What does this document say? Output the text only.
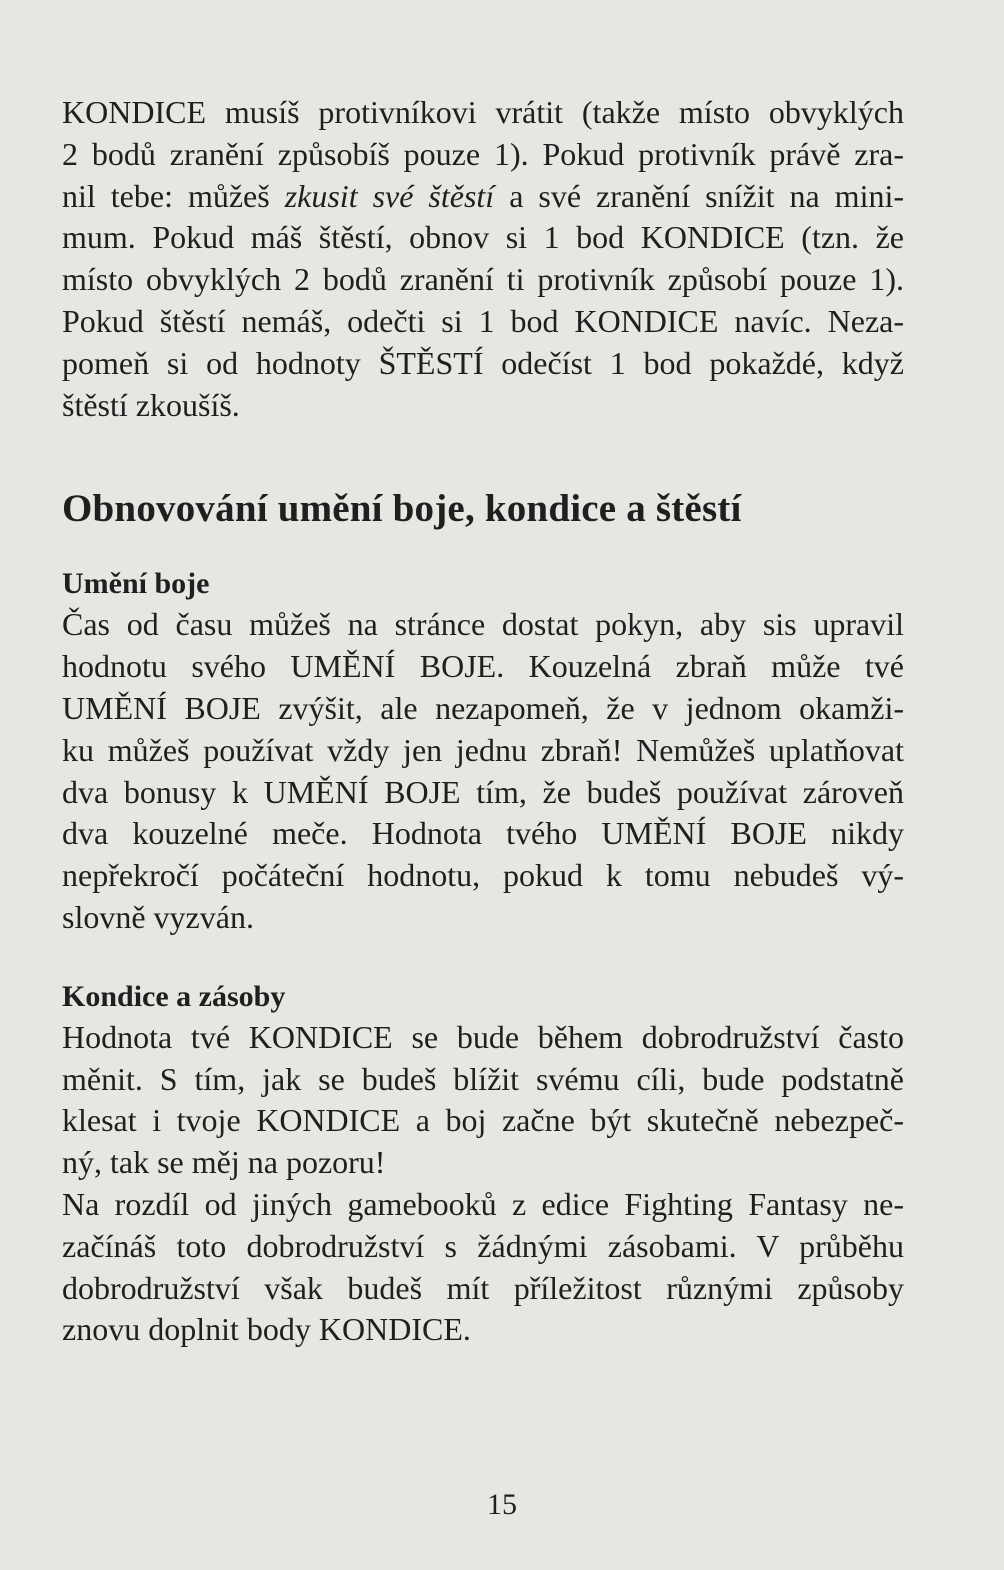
KONDICE musíš protivníkovi vrátit (takže místo obvyklých
2 bodů zranění způsobíš pouze 1). Pokud protivník právě zra-
nil tebe: můžeš zkusit své štěstí a své zranění snížit na mini-
mum. Pokud máš štěstí, obnov si 1 bod KONDICE (tzn. že
místo obvyklých 2 bodů zranění ti protivník způsobí pouze 1).
Pokud štěstí nemáš, odečti si 1 bod KONDICE navíc. Neza-
pomeň si od hodnoty ŠTĚSTÍ odečíst 1 bod pokaždé, když
štěstí zkoušíš.

Obnovování umění boje, kondice a štěstí
Umění boje

Čas od času můžeš na stránce dostat pokyn, aby sis upravil
hodnotu svého UMĚNÍ BOJE. Kouzelná zbraň může tvé
UMĚNÍ BOJE zvýšit, ale nezapomeň, že v jednom okamži-
ku můžeš používat vždy jen jednu zbraň! Nemůžeš uplatňovat
dva bonusy k UMĚNÍ BOJE tím, že budeš používat zároveň
dva kouzelné meče. Hodnota tvého UMĚNÍ BOJE nikdy
nepřekročí počáteční hodnotu, pokud k tomu nebudeš vý-
slovně vyzván.

Kondice a zásoby

Hodnota tvé KONDICE se bude během dobrodružství často
měnit. S tím, jak se budeš blížit svému cíli, bude podstatně
klesat i tvoje KONDICE a boj začne být skutečně nebezpeč-
ný, tak se měj na pozoru!
Na rozdíl od jiných gamebooků z edice Fighting Fantasy ne-
začínáš toto dobrodružství s žádnými zásobami. V průběhu
dobrodružství však budeš mít příležitost různými způsoby
znovu doplnit body KONDICE.

15
